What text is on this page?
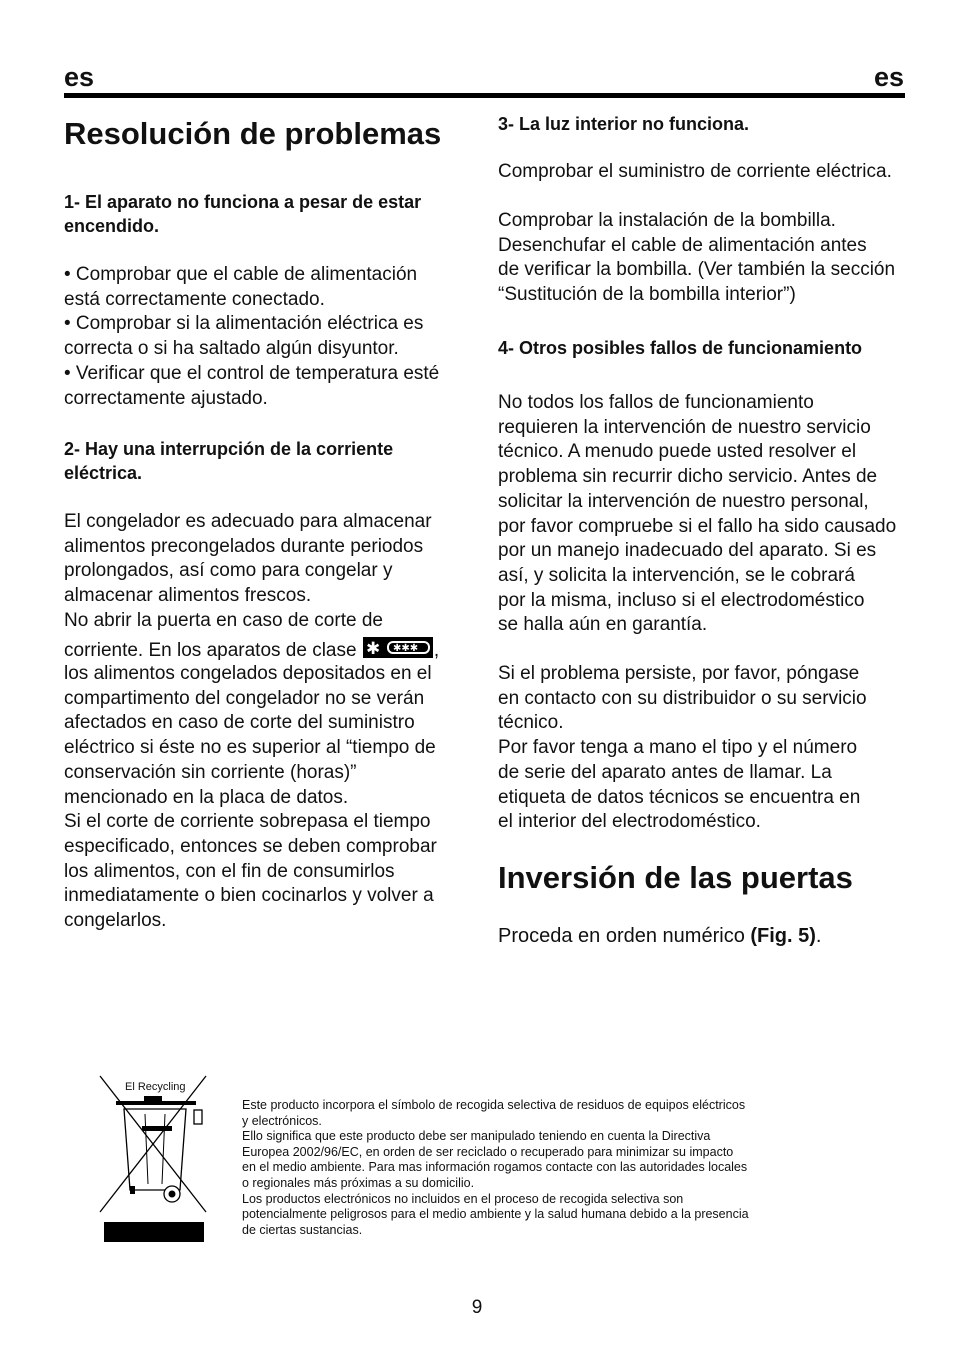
es	es
Resolución de problemas
1- El aparato no funciona a pesar de estar
encendido.
• Comprobar que el cable de alimentación
está correctamente conectado.
• Comprobar si la alimentación eléctrica es
correcta o si ha saltado algún disyuntor.
• Verificar que el control de temperatura esté
correctamente ajustado.
2- Hay una interrupción de la corriente
eléctrica.
El congelador es adecuado para almacenar
alimentos precongelados durante periodos
prolongados, así como para congelar y
almacenar alimentos frescos.
No abrir la puerta en caso de corte de
corriente. En los aparatos de clase ✱ ✱✱✱ ,
los alimentos congelados depositados en el
compartimento del congelador no se verán
afectados en caso de corte del suministro
eléctrico si éste no es superior al “tiempo de
conservación sin corriente (horas)”
mencionado en la placa de datos.
Si el corte de corriente sobrepasa el tiempo
especificado, entonces se deben comprobar
los alimentos, con el fin de consumirlos
inmediatamente o bien cocinarlos y volver a
congelarlos.
3- La luz interior no funciona.
Comprobar el suministro de corriente eléctrica.
Comprobar la instalación de la bombilla.
Desenchufar el cable de alimentación antes
de verificar la bombilla. (Ver también la sección
“Sustitución de la bombilla interior”)
4- Otros posibles fallos de funcionamiento
No todos los fallos de funcionamiento
requieren la intervención de nuestro servicio
técnico. A menudo puede usted resolver el
problema sin recurrir dicho servicio. Antes de
solicitar la intervención de nuestro personal,
por favor compruebe si el fallo ha sido causado
por un manejo inadecuado del aparato. Si es
así, y solicita la intervención, se le cobrará
por la misma, incluso si el electrodoméstico
se halla aún en garantía.
Si el problema persiste, por favor, póngase
en contacto con su distribuidor o su servicio
técnico.
Por favor tenga a mano el tipo y el número
de serie del aparato antes de llamar. La
etiqueta de datos técnicos se encuentra en
el interior del electrodoméstico.
Inversión de las puertas
Proceda en orden numérico (Fig. 5).
El Recycling
Este producto incorpora el símbolo de recogida selectiva de residuos de equipos eléctricos
y electrónicos.
Ello significa que este producto debe ser manipulado teniendo en cuenta la Directiva
Europea 2002/96/EC, en orden de ser reciclado o recuperado para minimizar su impacto
en el medio ambiente. Para mas información rogamos contacte con las autoridades locales
o regionales más próximas a su domicilio.
Los productos electrónicos no incluidos en el proceso de recogida selectiva son
potencialmente peligrosos para el medio ambiente y la salud humana debido a la presencia
de ciertas sustancias.
9
